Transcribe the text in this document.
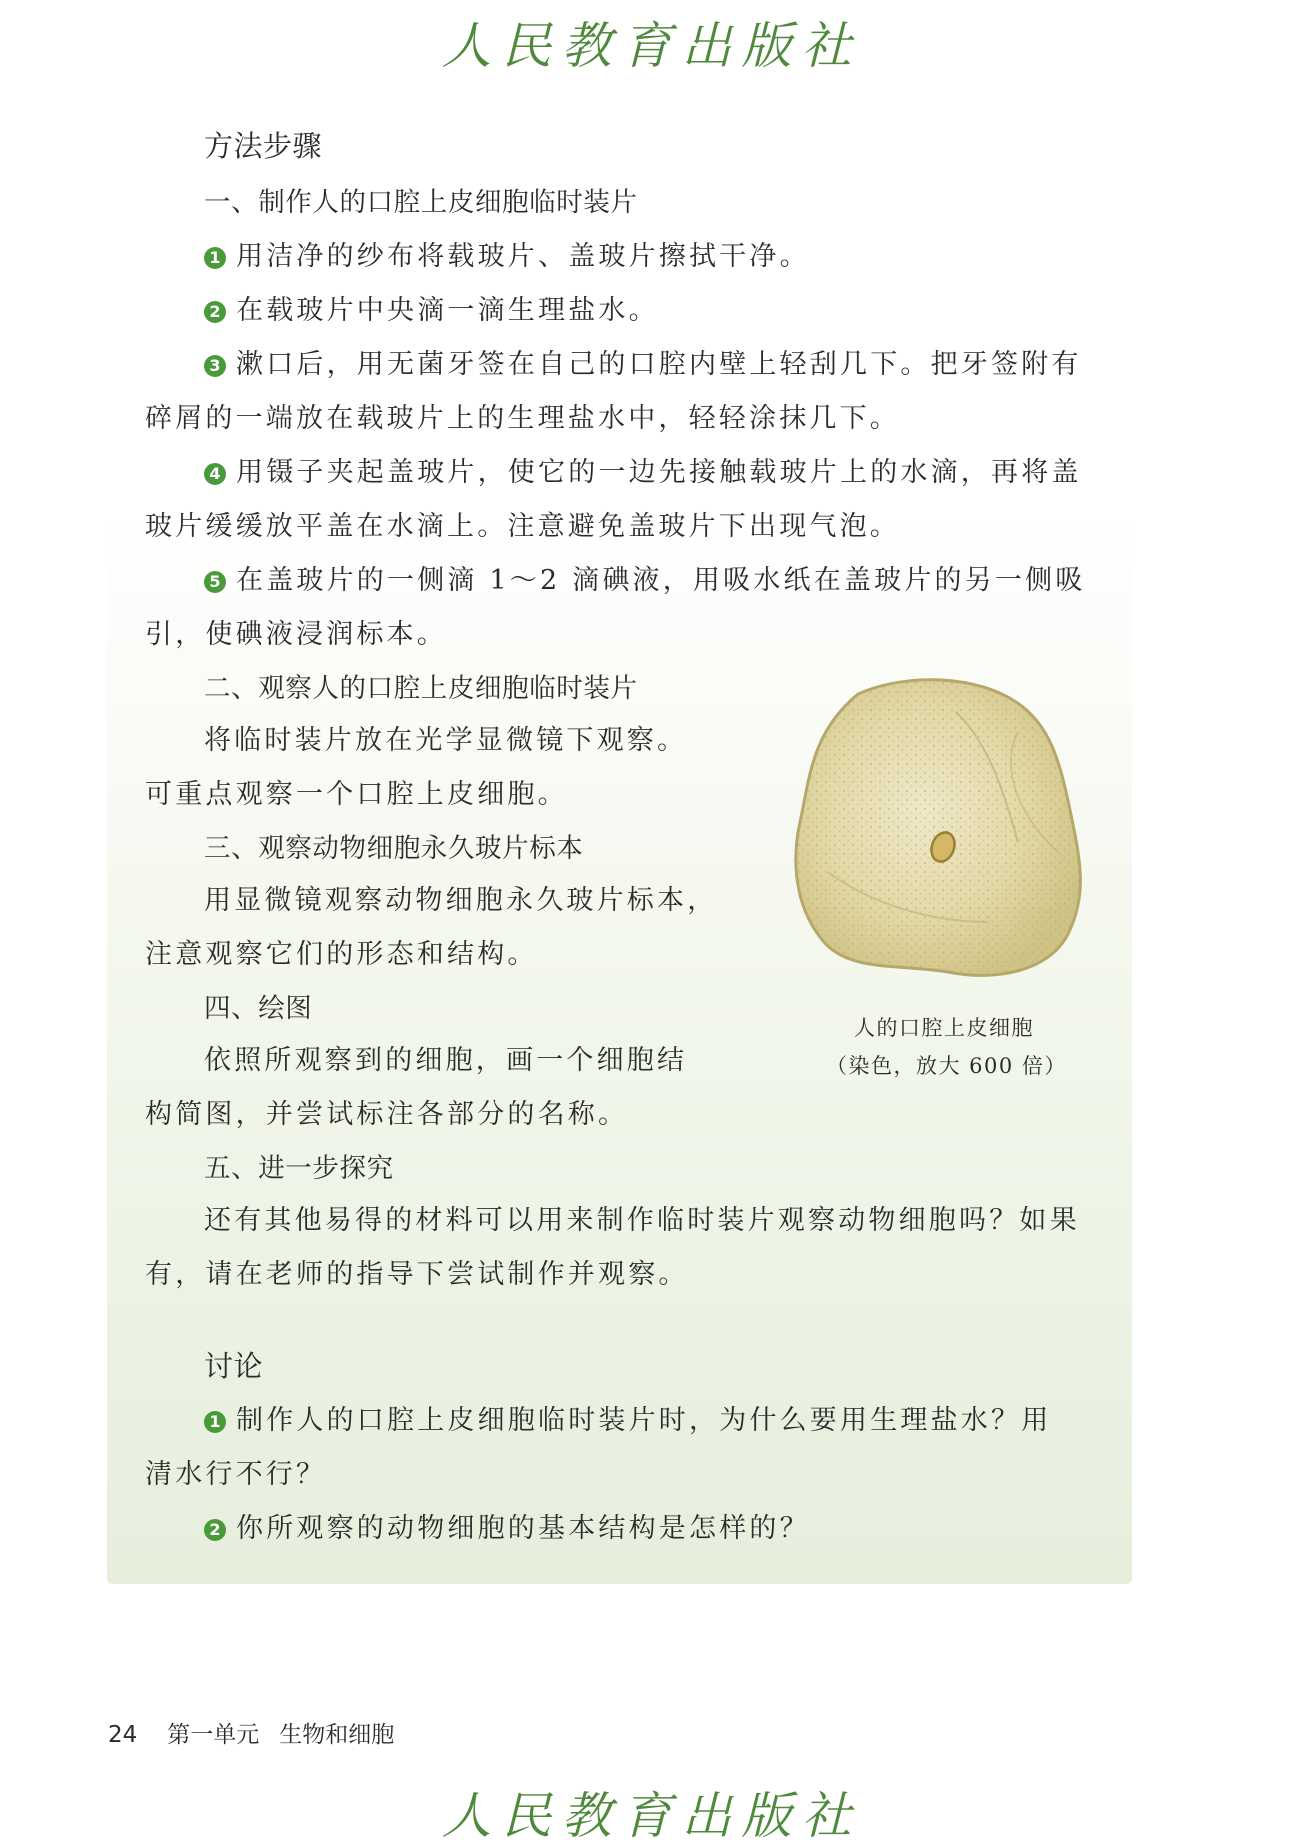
人民教育出版社
方法步骤
一、制作人的口腔上皮细胞临时装片
1 用洁净的纱布将载玻片、盖玻片擦拭干净。
2 在载玻片中央滴一滴生理盐水。
3 漱口后，用无菌牙签在自己的口腔内壁上轻刮几下。把牙签附有
碎屑的一端放在载玻片上的生理盐水中，轻轻涂抹几下。
4 用镊子夹起盖玻片，使它的一边先接触载玻片上的水滴，再将盖
玻片缓缓放平盖在水滴上。注意避免盖玻片下出现气泡。
5 在盖玻片的一侧滴 1～2 滴碘液，用吸水纸在盖玻片的另一侧吸
引，使碘液浸润标本。
二、观察人的口腔上皮细胞临时装片
将临时装片放在光学显微镜下观察。
可重点观察一个口腔上皮细胞。
三、观察动物细胞永久玻片标本
用显微镜观察动物细胞永久玻片标本，
注意观察它们的形态和结构。
四、绘图
依照所观察到的细胞，画一个细胞结
构简图，并尝试标注各部分的名称。
五、进一步探究
还有其他易得的材料可以用来制作临时装片观察动物细胞吗？如果
有，请在老师的指导下尝试制作并观察。
人的口腔上皮细胞
（染色，放大 600 倍）
讨论
1 制作人的口腔上皮细胞临时装片时，为什么要用生理盐水？用
清水行不行？
2 你所观察的动物细胞的基本结构是怎样的？
24 第一单元 生物和细胞
人民教育出版社
